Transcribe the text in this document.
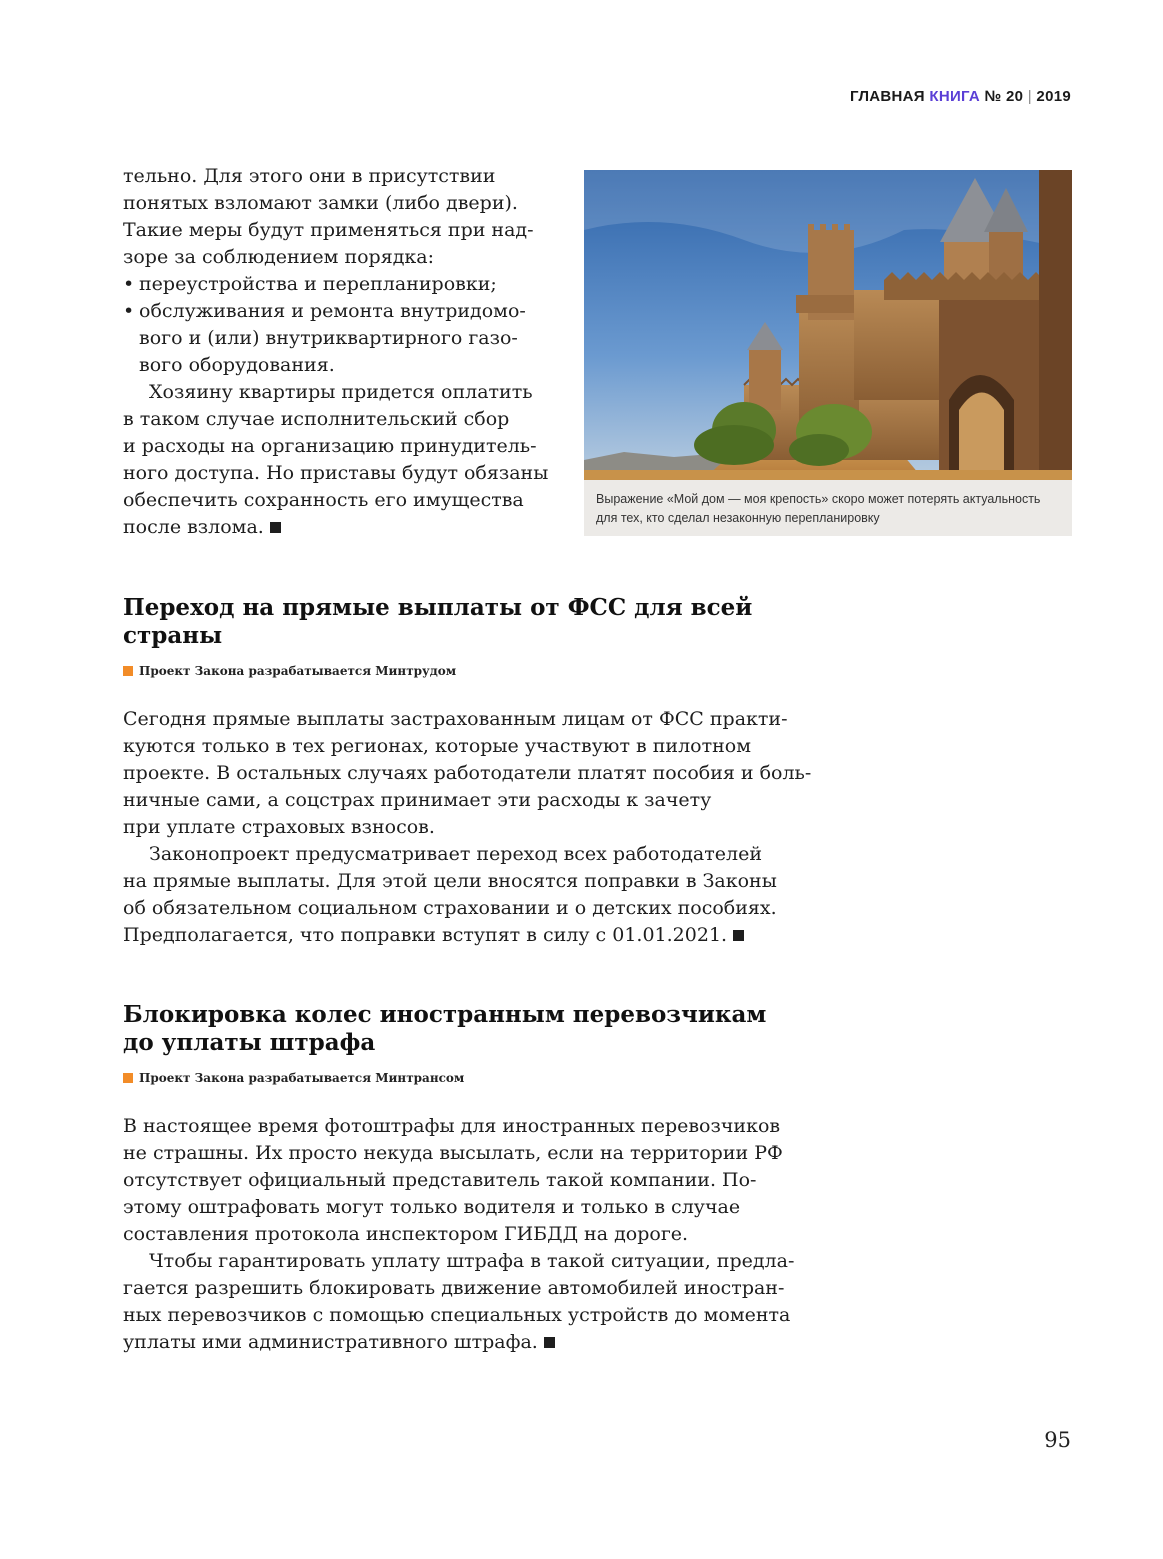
ГЛАВНАЯ КНИГА № 20 | 2019

тельно. Для этого они в присутствии

понятых взломают замки (либо двери).

Такие меры будут применяться при над-

зоре за соблюдением порядка:

• переустройства и перепланировки;
• обслуживания и ремонта внутридомо-
вого и (или) внутриквартирного газо-
вого оборудования.

Хозяину квартиры придется оплатить

в таком случае исполнительский сбор

и расходы на организацию принудитель-

ного доступа. Но приставы будут обязаны

обеспечить сохранность его имущества

после взлома.

Выражение «Мой дом — моя крепость» скоро может потерять актуальность
для тех, кто сделал незаконную перепланировку
Переход на прямые выплаты от ФСС для всей
страны
Проект Закона разрабатывается Минтрудом

Сегодня прямые выплаты застрахованным лицам от ФСС практи-

куются только в тех регионах, которые участвуют в пилотном

проекте. В остальных случаях работодатели платят пособия и боль-

ничные сами, а соцстрах принимает эти расходы к зачету

при уплате страховых взносов.

Законопроект предусматривает переход всех работодателей

на прямые выплаты. Для этой цели вносятся поправки в Законы

об обязательном социальном страховании и о детских пособиях.

Предполагается, что поправки вступят в силу с 01.01.2021.

Блокировка колес иностранным перевозчикам
до уплаты штрафа
Проект Закона разрабатывается Минтрансом

В настоящее время фотоштрафы для иностранных перевозчиков

не страшны. Их просто некуда высылать, если на территории РФ

отсутствует официальный представитель такой компании. По-

этому оштрафовать могут только водителя и только в случае

составления протокола инспектором ГИБДД на дороге.

Чтобы гарантировать уплату штрафа в такой ситуации, предла-

гается разрешить блокировать движение автомобилей иностран-

ных перевозчиков с помощью специальных устройств до момента

уплаты ими административного штрафа.

95
